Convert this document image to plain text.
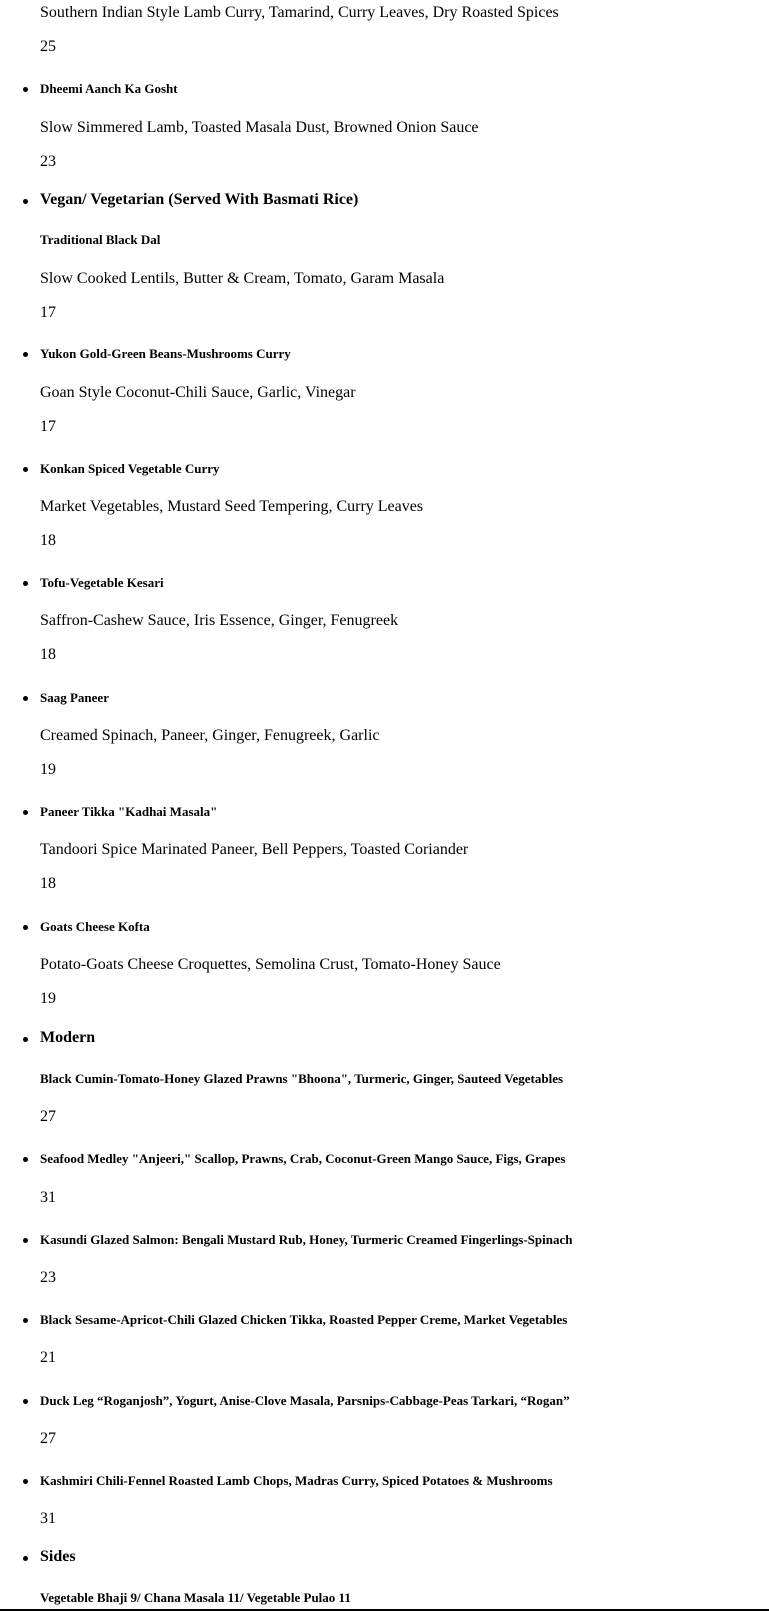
Southern Indian Style Lamb Curry, Tamarind, Curry Leaves, Dry Roasted Spices
25
Dheemi Aanch Ka Gosht
Slow Simmered Lamb, Toasted Masala Dust, Browned Onion Sauce
23
Vegan/ Vegetarian (Served With Basmati Rice)
Traditional Black Dal
Slow Cooked Lentils, Butter & Cream, Tomato, Garam Masala
17
Yukon Gold-Green Beans-Mushrooms Curry
Goan Style Coconut-Chili Sauce, Garlic, Vinegar
17
Konkan Spiced Vegetable Curry
Market Vegetables, Mustard Seed Tempering, Curry Leaves
18
Tofu-Vegetable Kesari
Saffron-Cashew Sauce, Iris Essence, Ginger, Fenugreek
18
Saag Paneer
Creamed Spinach, Paneer, Ginger, Fenugreek, Garlic
19
Paneer Tikka "Kadhai Masala"
Tandoori Spice Marinated Paneer, Bell Peppers, Toasted Coriander
18
Goats Cheese Kofta
Potato-Goats Cheese Croquettes, Semolina Crust, Tomato-Honey Sauce
19
Modern
Black Cumin-Tomato-Honey Glazed Prawns "Bhoona", Turmeric, Ginger, Sauteed Vegetables
27
Seafood Medley "Anjeeri," Scallop, Prawns, Crab, Coconut-Green Mango Sauce, Figs, Grapes
31
Kasundi Glazed Salmon: Bengali Mustard Rub, Honey, Turmeric Creamed Fingerlings-Spinach
23
Black Sesame-Apricot-Chili Glazed Chicken Tikka, Roasted Pepper Creme, Market Vegetables
21
Duck Leg “Roganjosh”, Yogurt, Anise-Clove Masala, Parsnips-Cabbage-Peas Tarkari, “Rogan”
27
Kashmiri Chili-Fennel Roasted Lamb Chops, Madras Curry, Spiced Potatoes & Mushrooms
31
Sides
Vegetable Bhaji 9/ Chana Masala 11/ Vegetable Pulao 11
